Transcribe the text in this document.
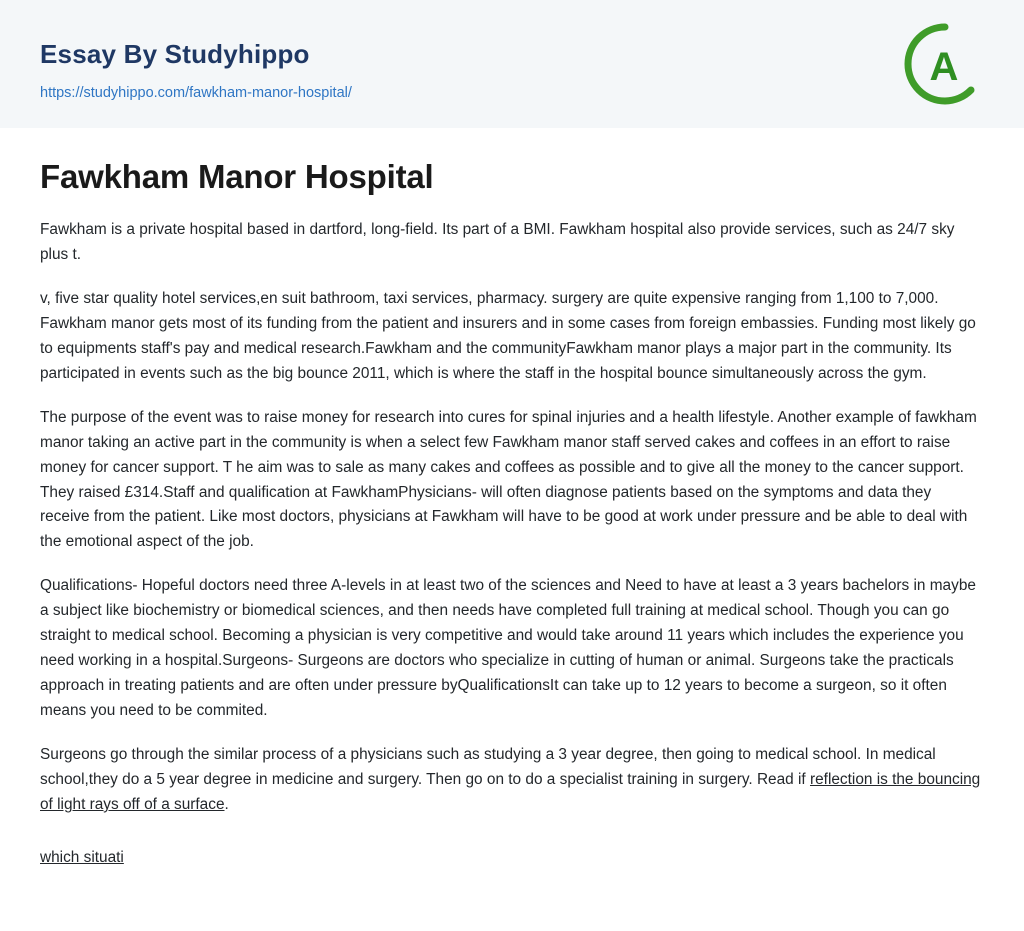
Essay By Studyhippo
https://studyhippo.com/fawkham-manor-hospital/
A
Fawkham Manor Hospital

Fawkham is a private hospital based in dartford, long-field. Its part of a BMI. Fawkham hospital also provide services, such as 24/7 sky plus t.

v, five star quality hotel services,en suit bathroom, taxi services, pharmacy. surgery are quite expensive ranging from 1,100 to 7,000. Fawkham manor gets most of its funding from the patient and insurers and in some cases from foreign embassies. Funding most likely go to equipments staff's pay and medical research.Fawkham and the communityFawkham manor plays a major part in the community. Its participated in events such as the big bounce 2011, which is where the staff in the hospital bounce simultaneously across the gym.

The purpose of the event was to raise money for research into cures for spinal injuries and a health lifestyle. Another example of fawkham manor taking an active part in the community is when a select few Fawkham manor staff served cakes and coffees in an effort to raise money for cancer support. T he aim was to sale as many cakes and coffees as possible and to give all the money to the cancer support. They raised £314.Staff and qualification at FawkhamPhysicians- will often diagnose patients based on the symptoms and data they receive from the patient. Like most doctors, physicians at Fawkham will have to be good at work under pressure and be able to deal with the emotional aspect of the job.

Qualifications- Hopeful doctors need three A-levels in at least two of the sciences and Need to have at least a 3 years bachelors in maybe a subject like biochemistry or biomedical sciences, and then needs have completed full training at medical school. Though you can go straight to medical school. Becoming a physician is very competitive and would take around 11 years which includes the experience you need working in a hospital.Surgeons- Surgeons are doctors who specialize in cutting of human or animal. Surgeons take the practicals approach in treating patients and are often under pressure byQualificationsIt can take up to 12 years to become a surgeon, so it often means you need to be commited.

Surgeons go through the similar process of a physicians such as studying a 3 year degree, then going to medical school. In medical school,they do a 5 year degree in medicine and surgery. Then go on to do a specialist training in surgery. Read if reflection is the bouncing of light rays off of a surface.

which situati
